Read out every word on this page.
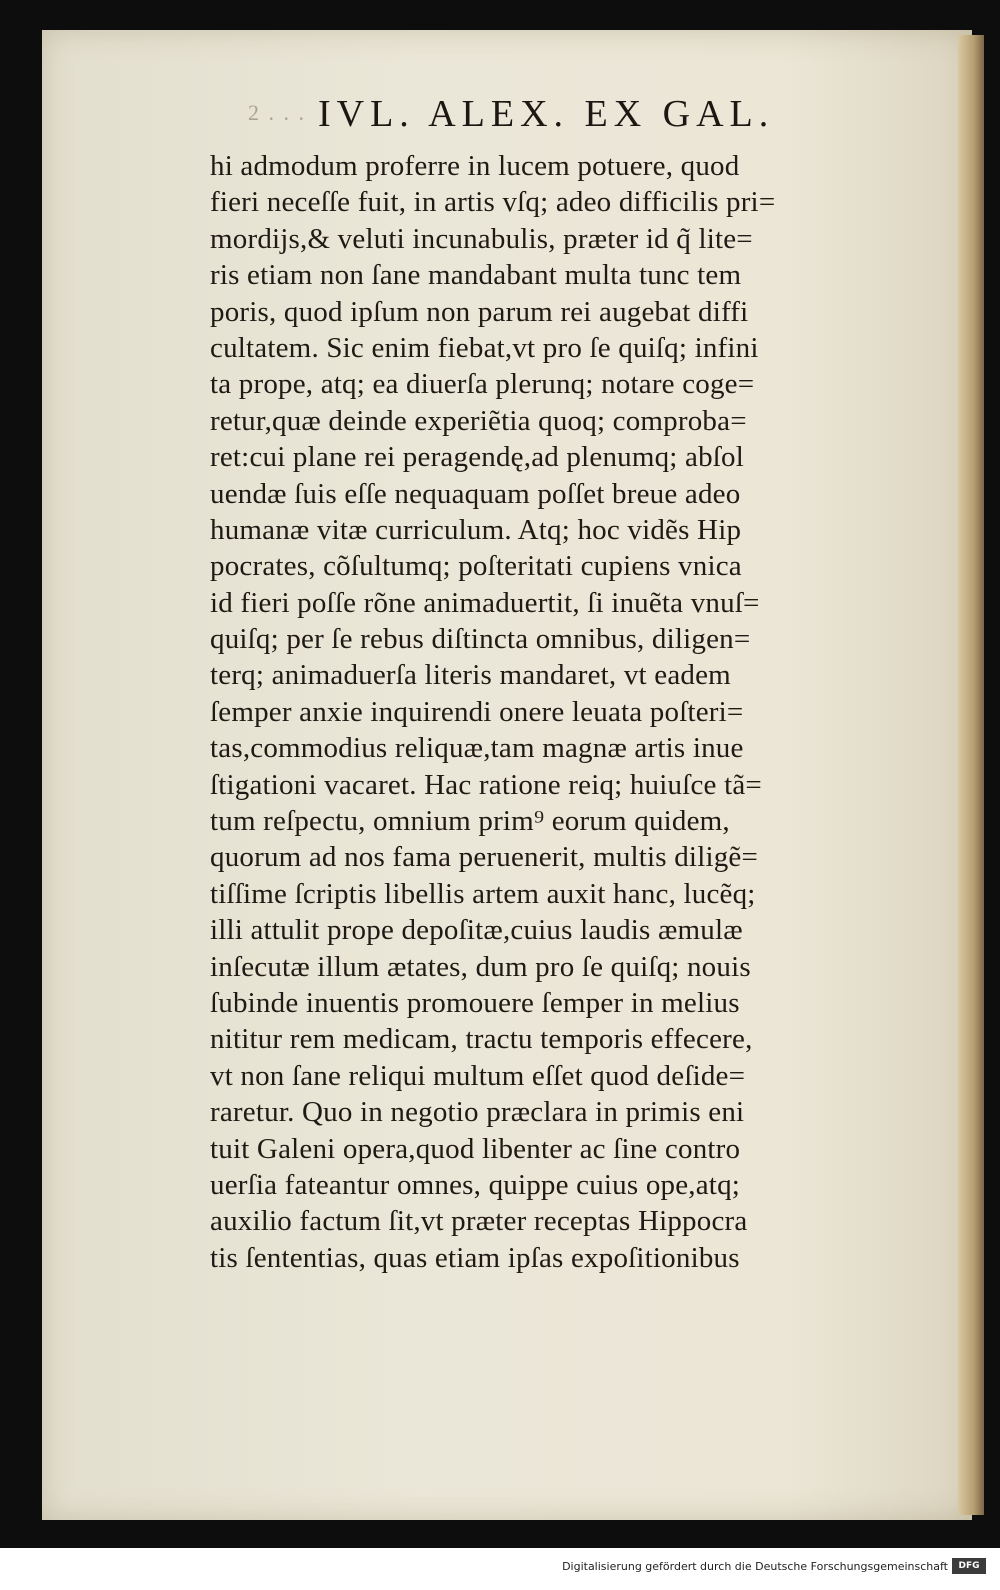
2 . . . IVL. ALEX. EX GAL.
hi admodum proferre in lucem potuere, quod
fieri neceſſe fuit, in artis vſq; adeo difficilis pri=
mordijs,& veluti incunabulis, præter id q̃ lite=
ris etiam non ſane mandabant multa tunc tem
poris, quod ipſum non parum rei augebat diffi
cultatem. Sic enim fiebat,vt pro ſe quiſq; infini
ta prope, atq; ea diuerſa plerunq; notare coge=
retur,quæ deinde experiẽtia quoq; comproba=
ret:cui plane rei peragendę,ad plenumq; abſol
uendæ ſuis eſſe nequaquam poſſet breue adeo
humanæ vitæ curriculum. Atq; hoc vidẽs Hip
pocrates, cõſultumq; poſteritati cupiens vnica
id fieri poſſe rõne animaduertit, ſi inuẽta vnuſ=
quiſq; per ſe rebus diſtincta omnibus, diligen=
terq; animaduerſa literis mandaret, vt eadem
ſemper anxie inquirendi onere leuata poſteri=
tas,commodius reliquæ,tam magnæ artis inue
ſtigationi vacaret. Hac ratione reiq; huiuſce tã=
tum reſpectu, omnium prim⁹ eorum quidem,
quorum ad nos fama peruenerit, multis diligẽ=
tiſſime ſcriptis libellis artem auxit hanc, lucẽq;
illi attulit prope depoſitæ,cuius laudis æmulæ
inſecutæ illum ætates, dum pro ſe quiſq; nouis
ſubinde inuentis promouere ſemper in melius
nititur rem medicam, tractu temporis effecere,
vt non ſane reliqui multum eſſet quod deſide=
raretur. Quo in negotio præclara in primis eni
tuit Galeni opera,quod libenter ac ſine contro
uerſia fateantur omnes, quippe cuius ope,atq;
auxilio factum ſit,vt præter receptas Hippocra
tis ſententias, quas etiam ipſas expoſitionibus
Digitalisierung gefördert durch die Deutsche Forschungsgemeinschaft	DFG
